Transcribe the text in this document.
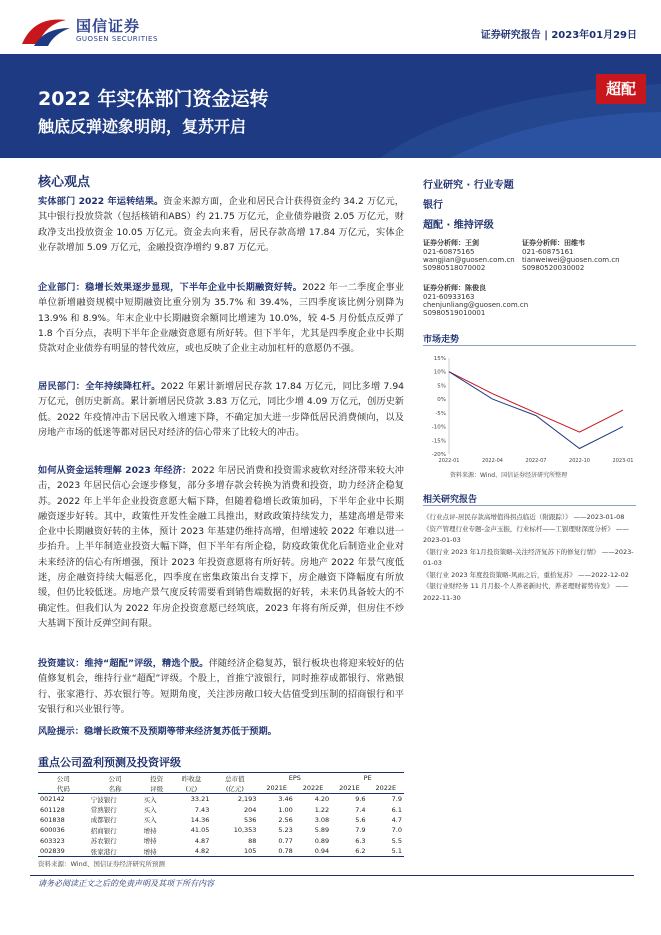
国信证券
GUOSEN SECURITIES	证券研究报告 | 2023年01月29日
2022 年实体部门资金运转
触底反弹迹象明朗，复苏开启
超配
核心观点
实体部门 2022 年运转结果。资金来源方面，企业和居民合计获得资金约 34.2 万亿元，其中银行投放贷款（包括核销和ABS）约 21.75 万亿元，企业债券融资 2.05 万亿元，财政净支出投放资金 10.05 万亿元。资金去向来看，居民存款高增 17.84 万亿元，实体企业存款增加 5.09 万亿元，金融投资净增约 9.87 万亿元。
企业部门：稳增长效果逐步显现，下半年企业中长期融资好转。2022 年一二季度企事业单位新增融资规模中短期融资比重分别为 35.7% 和 39.4%，三四季度该比例分别降为 13.9% 和 8.9%。年末企业中长期融资余额同比增速为 10.0%，较 4-5 月份低点反弹了 1.8 个百分点，表明下半年企业融资意愿有所好转。但下半年，尤其是四季度企业中长期贷款对企业债券有明显的替代效应，或也反映了企业主动加杠杆的意愿仍不强。
居民部门：全年持续降杠杆。2022 年累计新增居民存款 17.84 万亿元，同比多增 7.94 万亿元，创历史新高。累计新增居民贷款 3.83 万亿元，同比少增 4.09 万亿元，创历史新低。2022 年疫情冲击下居民收入增速下降，不确定加大进一步降低居民消费倾向，以及房地产市场的低迷等都对居民对经济的信心带来了比较大的冲击。
如何从资金运转理解 2023 年经济：2022 年居民消费和投资需求疲软对经济带来较大冲击，2023 年居民信心会逐步修复，部分多增存款会转换为消费和投资，助力经济企稳复苏。2022 年上半年企业投资意愿大幅下降，但随着稳增长政策加码，下半年企业中长期融资逐步好转。其中，政策性开发性金融工具推出，财政政策持续发力，基建高增是带来企业中长期融资好转的主体，预计 2023 年基建仍维持高增，但增速较 2022 年难以进一步抬升。上半年制造业投资大幅下降，但下半年有所企稳，防疫政策优化后制造业企业对未来经济的信心有所增强，预计 2023 年投资意愿将有所好转。房地产 2022 年景气度低迷，房企融资持续大幅恶化，四季度在密集政策出台支撑下，房企融资下降幅度有所放缓，但仍比较低迷。房地产景气度反转需要看到销售端数据的好转，未来仍具备较大的不确定性。但我们认为 2022 年房企投资意愿已经筑底，2023 年将有所反弹，但房住不炒大基调下预计反弹空间有限。
投资建议：维持“超配”评级，精选个股。伴随经济企稳复苏，银行板块也将迎来较好的估值修复机会，维持行业“超配”评级。个股上，首推宁波银行，同时推荐成都银行、常熟银行、张家港行、苏农银行等。短期角度，关注涉房敞口较大估值受到压制的招商银行和平安银行和兴业银行等。
风险提示：稳增长政策不及预期等带来经济复苏低于预期。
行业研究 · 行业专题
银行
超配 · 维持评级
证券分析师：王剑
021-60875165
wangjian@guosen.com.cn
S0980518070002
证券分析师：田维韦
021-60875161
tianweiwei@guosen.com.cn
S0980520030002
证券分析师：陈俊良
021-60933163
chenjunliang@guosen.com.cn
S0980519010001
市场走势
15%
10%
5%
0%
-5%
-10%
-15%
-20%
2022-01	2022-04	2022-07	2022-10	2023-01
资料来源：Wind、国信证券经济研究所整理
相关研究报告
《行业点评-居民存款高增值得拐点临近（附跟踪）》 ——2023-01-08
《资产管理行业专题-金声玉振，行业标杆——工银理财深度分析》 ——2023-01-03
《银行业 2023 年1月投资策略-关注经济复苏下的修复行情》 ——2023-01-03
《银行业 2023 年度投资策略-风雨之后，重拾复苏》 ——2022-12-02
《银行业财经务 11 月月报-个人养老新时代，养老理财蓄势待发》 ——2022-11-30
重点公司盈利预测及投资评级
公司	公司	投资	昨收盘	总市值	EPS		PE	
代码	名称	评级	(元)	(亿元)	2021E	2022E	2021E	2022E
002142	宁波银行	买入	33.21	2,193	3.46	4.20	9.6	7.9
601128	常熟银行	买入	7.43	204	1.00	1.22	7.4	6.1
601838	成都银行	买入	14.36	536	2.56	3.08	5.6	4.7
600036	招商银行	增持	41.05	10,353	5.23	5.89	7.9	7.0
603323	苏农银行	增持	4.87	88	0.77	0.89	6.3	5.5
002839	张家港行	增持	4.82	105	0.78	0.94	6.2	5.1
资料来源：Wind、国信证券经济研究所预测
请务必阅读正文之后的免责声明及其项下所有内容
